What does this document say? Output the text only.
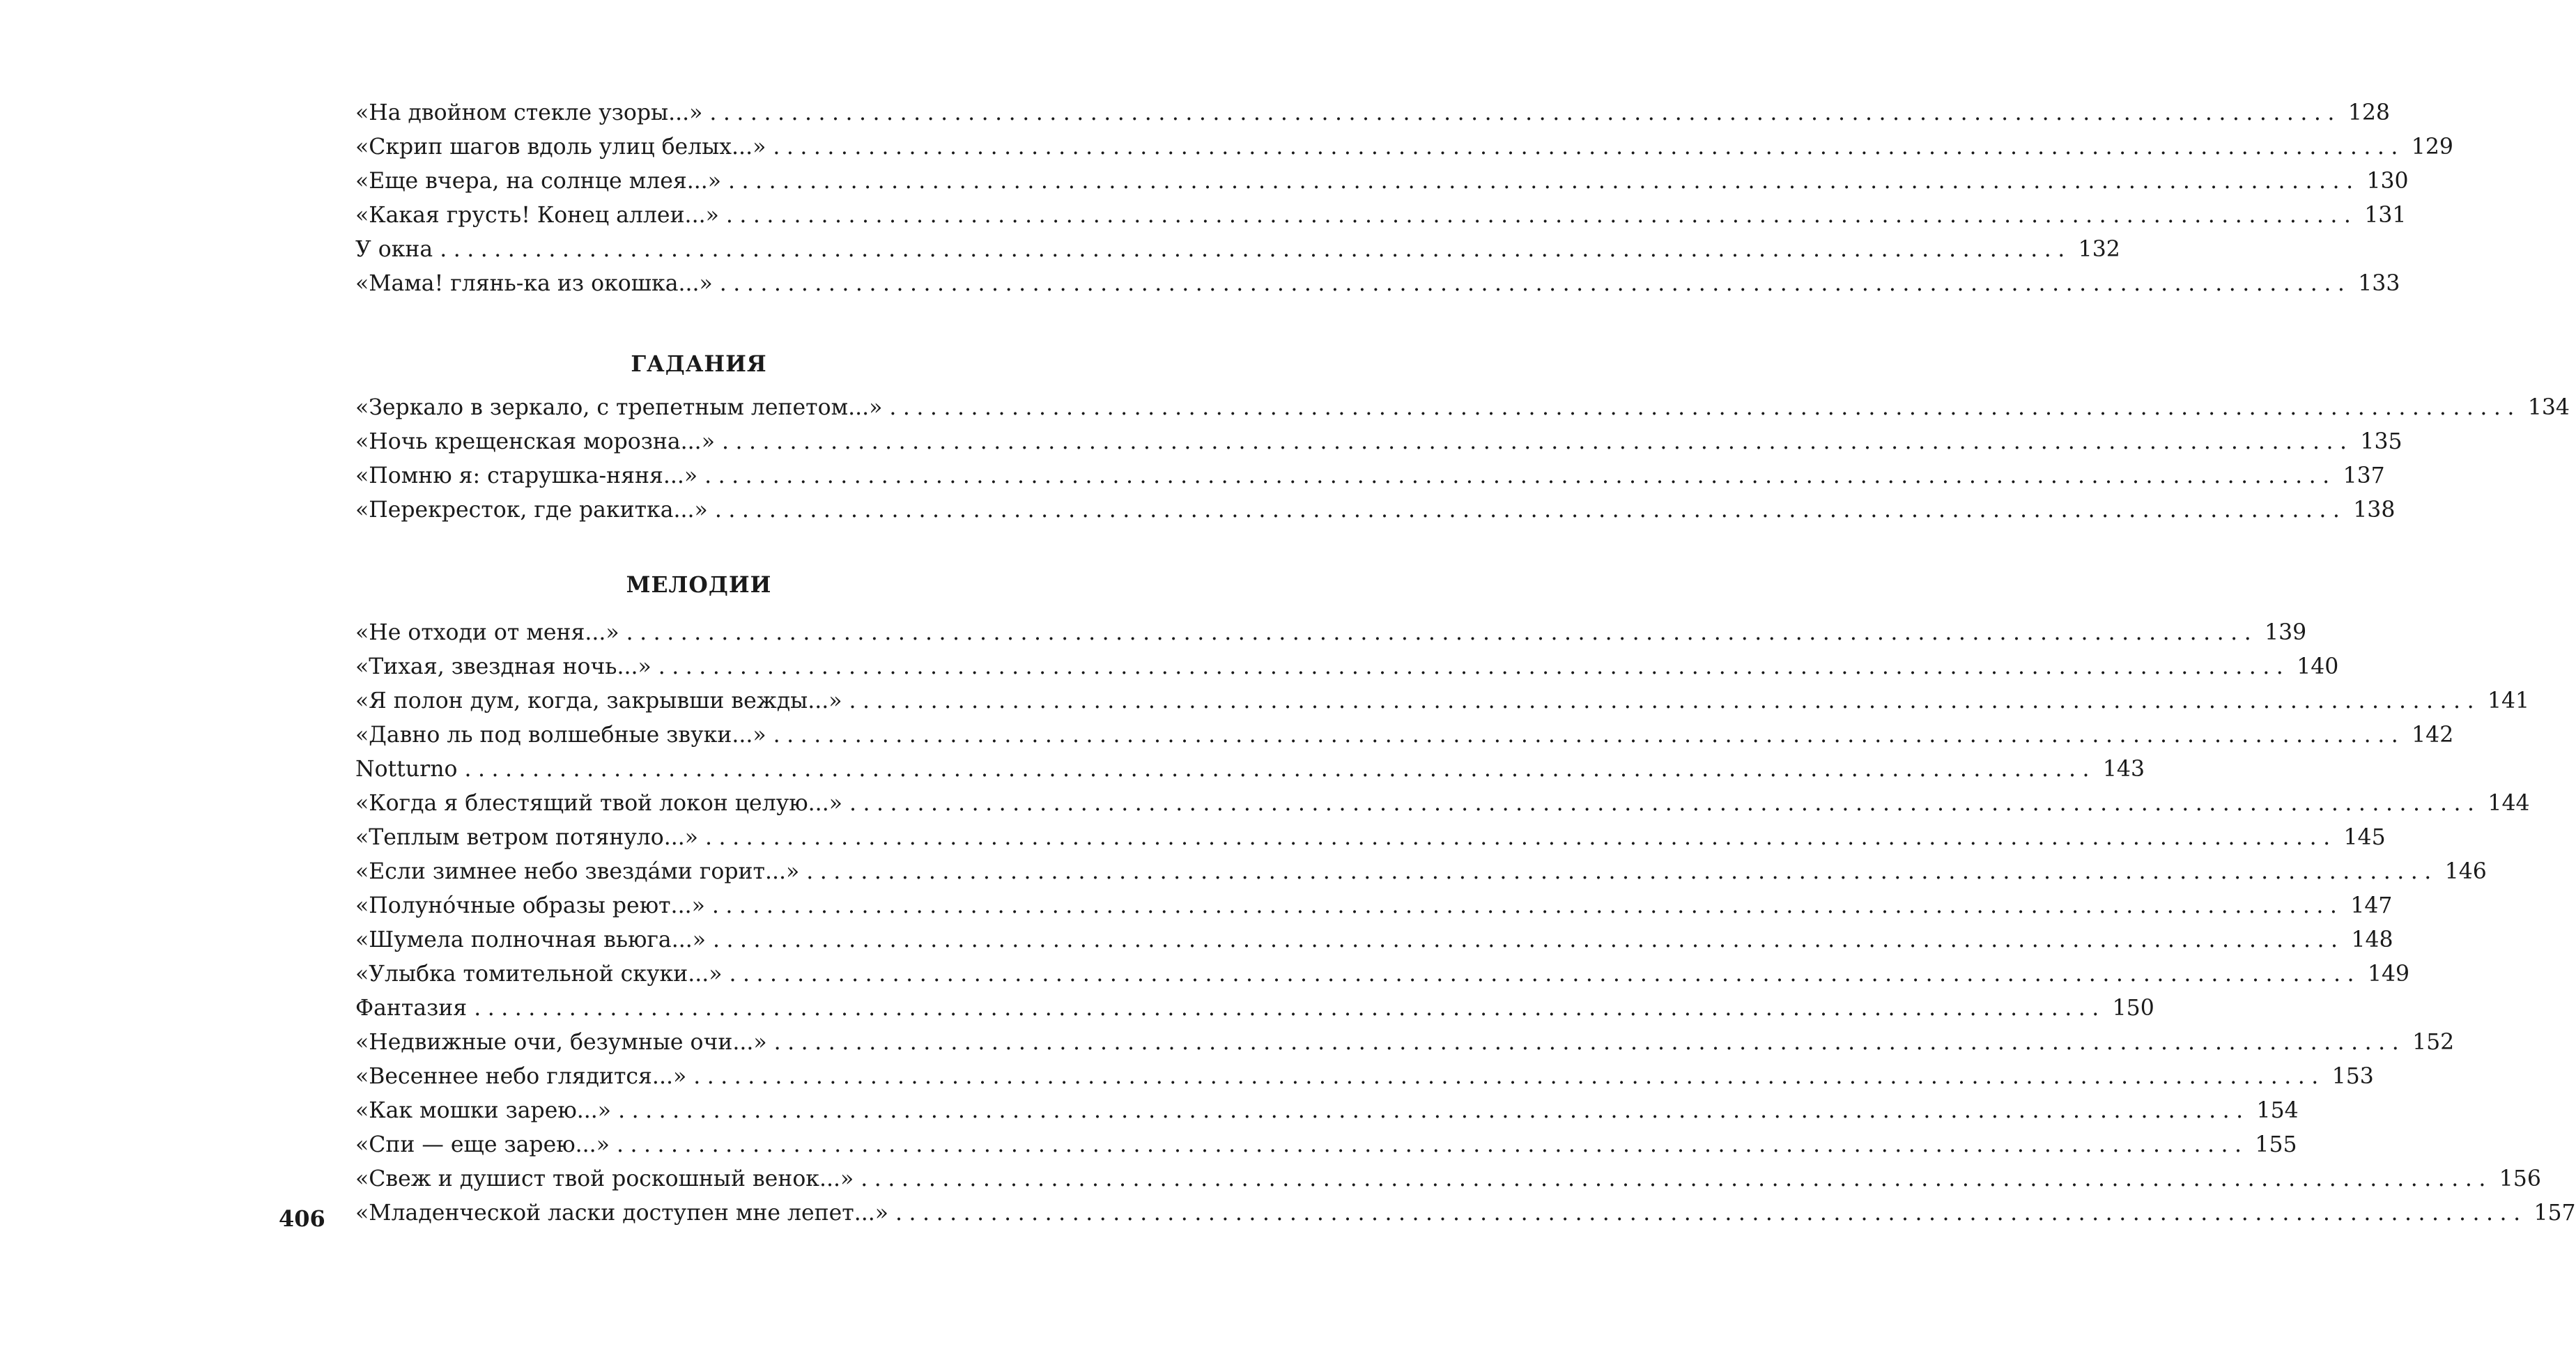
«На двойном стекле узоры...» ........................................................................................................................ 128
«Скрип шагов вдоль улиц белых...» ........................................................................................................................ 129
«Еще вчера, на солнце млея...» ........................................................................................................................ 130
«Какая грусть! Конец аллеи...» ........................................................................................................................ 131
У окна ........................................................................................................................ 132
«Мама! глянь-ка из окошка...» ........................................................................................................................ 133
ГАДАНИЯ
«Зеркало в зеркало, с трепетным лепетом...» ........................................................................................................................ 134
«Ночь крещенская морозна...» ........................................................................................................................ 135
«Помню я: старушка-няня...» ........................................................................................................................ 137
«Перекресток, где ракитка...» ........................................................................................................................ 138
МЕЛОДИИ
«Не отходи от меня...» ........................................................................................................................ 139
«Тихая, звездная ночь...» ........................................................................................................................ 140
«Я полон дум, когда, закрывши вежды...» ........................................................................................................................ 141
«Давно ль под волшебные звуки...» ........................................................................................................................ 142
Notturno ........................................................................................................................ 143
«Когда я блестящий твой локон целую...» ........................................................................................................................ 144
«Теплым ветром потянуло...» ........................................................................................................................ 145
«Если зимнее небо звезда́ми горит...» ........................................................................................................................ 146
«Полуно́чные образы реют...» ........................................................................................................................ 147
«Шумела полночная вьюга...» ........................................................................................................................ 148
«Улыбка томительной скуки...» ........................................................................................................................ 149
Фантазия ........................................................................................................................ 150
«Недвижные очи, безумные очи...» ........................................................................................................................ 152
«Весеннее небо глядится...» ........................................................................................................................ 153
«Как мошки зарею...» ........................................................................................................................ 154
«Спи — еще зарею...» ........................................................................................................................ 155
«Свеж и душист твой роскошный венок...» ........................................................................................................................ 156
«Младенческой ласки доступен мне лепет...» ........................................................................................................................ 157
406
